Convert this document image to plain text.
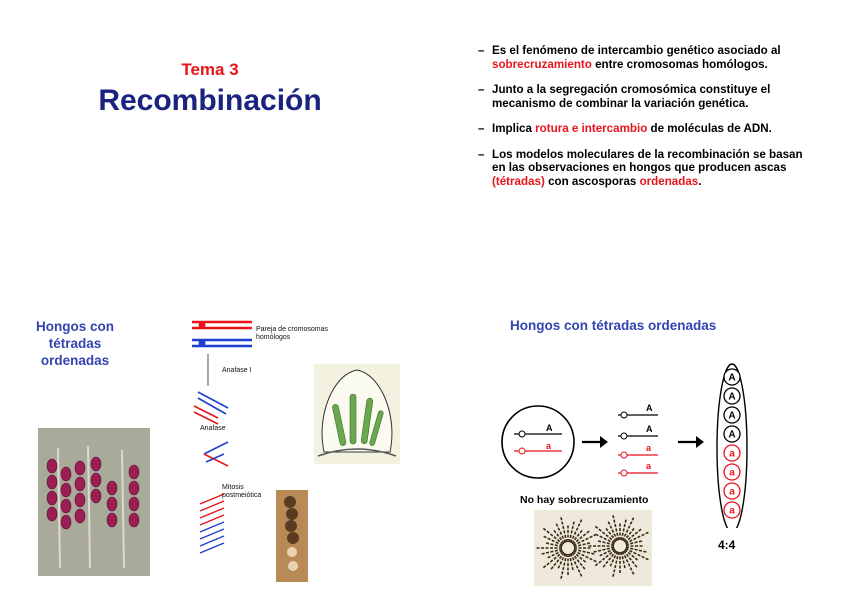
Tema 3
Recombinación
– Es el fenómeno de intercambio genético asociado al sobrecruzamiento entre cromosomas homólogos.
– Junto a la segregación cromosómica constituye el mecanismo de combinar la variación genética.
– Implica rotura e intercambio de moléculas de ADN.
– Los modelos moleculares de la recombinación se basan en las observaciones en hongos que producen ascas (tétradas) con ascosporas ordenadas.
Hongos con tétradas ordenadas
Pareja de cromosomas homólogos
Anafase I
Anafase
Mitosis postmeiótica
Hongos con tétradas ordenadas
A
a
A
A
a
a
A
A
A
A
a
a
a
a
No hay sobrecruzamiento
4:4
